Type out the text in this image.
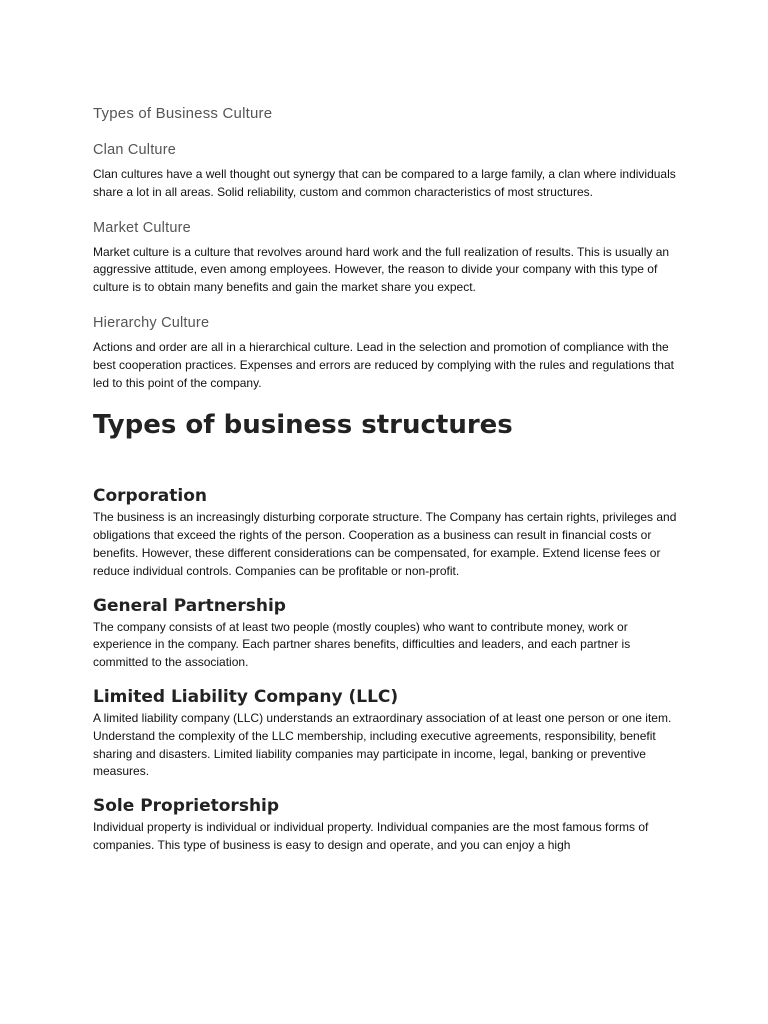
Types of Business Culture
Clan Culture

Clan cultures have a well thought out synergy that can be compared to a large family, a clan where individuals share a lot in all areas. Solid reliability, custom and common characteristics of most structures.

Market Culture

Market culture is a culture that revolves around hard work and the full realization of results. This is usually an aggressive attitude, even among employees. However, the reason to divide your company with this type of culture is to obtain many benefits and gain the market share you expect.

Hierarchy Culture

Actions and order are all in a hierarchical culture. Lead in the selection and promotion of compliance with the best cooperation practices. Expenses and errors are reduced by complying with the rules and regulations that led to this point of the company.

Types of business structures
Corporation

The business is an increasingly disturbing corporate structure. The Company has certain rights, privileges and obligations that exceed the rights of the person. Cooperation as a business can result in financial costs or benefits. However, these different considerations can be compensated, for example. Extend license fees or reduce individual controls. Companies can be profitable or non-profit.

General Partnership

The company consists of at least two people (mostly couples) who want to contribute money, work or experience in the company. Each partner shares benefits, difficulties and leaders, and each partner is committed to the association.

Limited Liability Company (LLC)

A limited liability company (LLC) understands an extraordinary association of at least one person or one item. Understand the complexity of the LLC membership, including executive agreements, responsibility, benefit sharing and disasters. Limited liability companies may participate in income, legal, banking or preventive measures.

Sole Proprietorship

Individual property is individual or individual property. Individual companies are the most famous forms of companies. This type of business is easy to design and operate, and you can enjoy a high
